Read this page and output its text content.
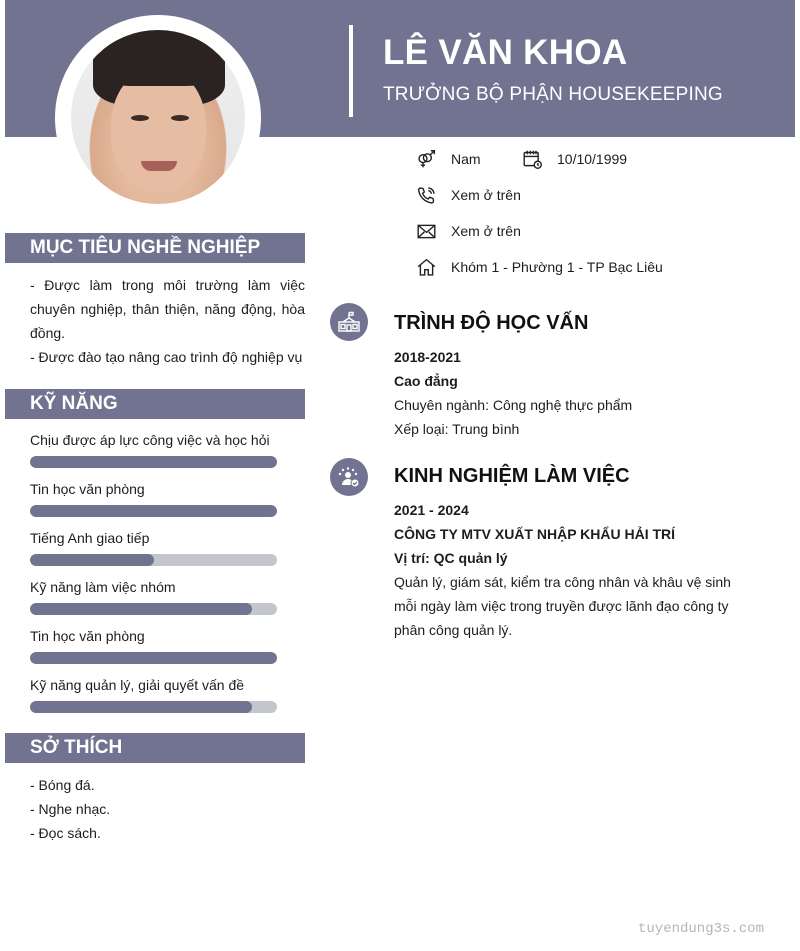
LÊ VĂN KHOA
TRƯỞNG BỘ PHẬN HOUSEKEEPING
Nam	10/10/1999
Xem ở trên
Xem ở trên
Khóm 1 - Phường 1 - TP Bạc Liêu
MỤC TIÊU NGHỀ NGHIỆP
- Được làm trong môi trường làm việc chuyên nghiệp, thân thiện, năng động, hòa đồng.
- Được đào tạo nâng cao trình độ nghiệp vụ
KỸ NĂNG
Chịu được áp lực công việc và học hỏi
Tin học văn phòng
Tiếng Anh giao tiếp
Kỹ năng làm việc nhóm
Tin học văn phòng
Kỹ năng quản lý, giải quyết vấn đề
SỞ THÍCH
- Bóng đá.
- Nghe nhạc.
- Đọc sách.
TRÌNH ĐỘ HỌC VẤN
2018-2021
Cao đẳng
Chuyên ngành: Công nghệ thực phẩm
Xếp loại: Trung bình
KINH NGHIỆM LÀM VIỆC
2021 - 2024
CÔNG TY MTV XUẤT NHẬP KHẨU HẢI TRÍ
Vị trí: QC quản lý
Quản lý, giám sát, kiểm tra công nhân và khâu vệ sinh mỗi ngày làm việc trong truyền được lãnh đạo công ty phân công quản lý.
tuyendung3s.com
